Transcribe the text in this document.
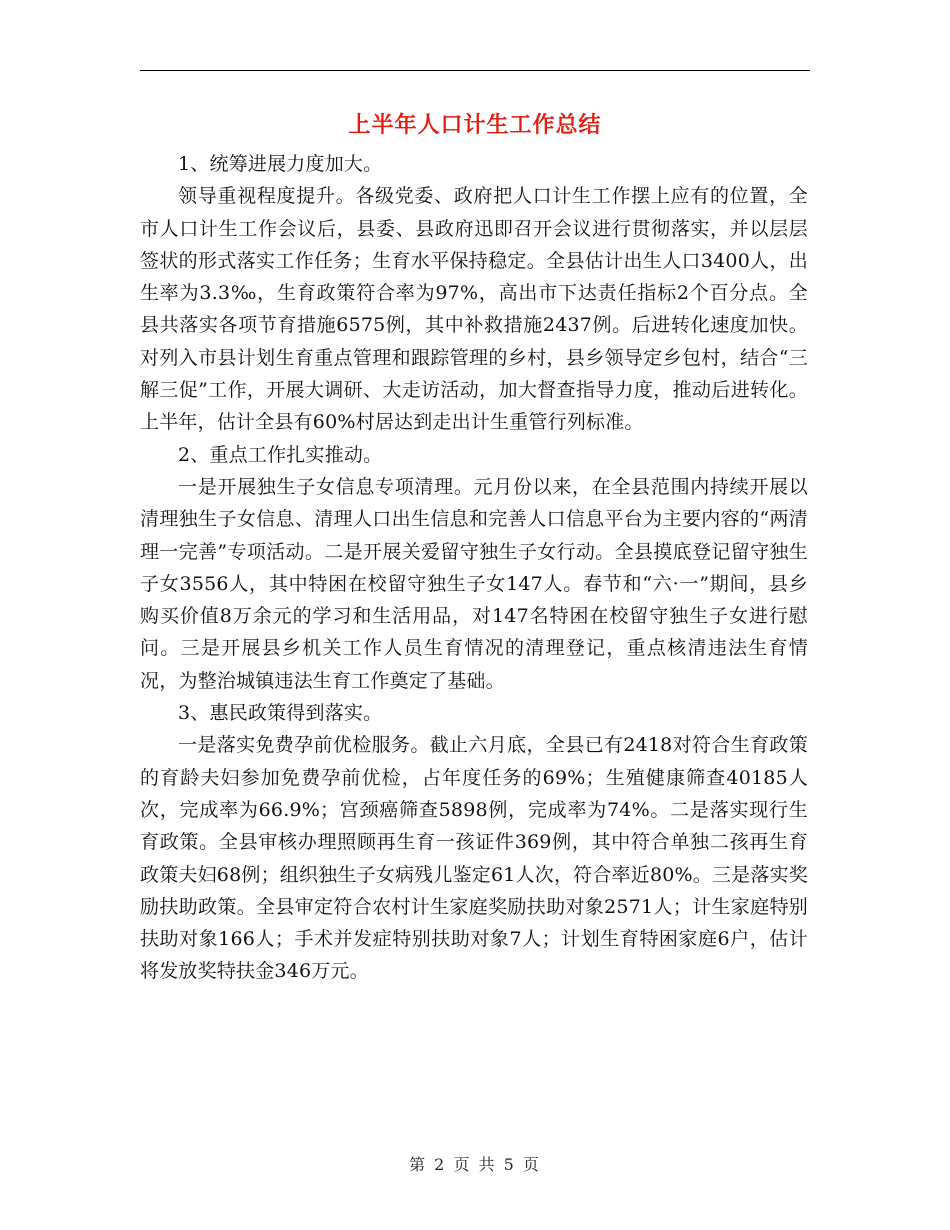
上半年人口计生工作总结

1、统筹进展力度加大。

领导重视程度提升。各级党委、政府把人口计生工作摆上应有的位置，全市人口计生工作会议后，县委、县政府迅即召开会议进行贯彻落实，并以层层签状的形式落实工作任务；生育水平保持稳定。全县估计出生人口3400人，出生率为3.3‰，生育政策符合率为97%，高出市下达责任指标2个百分点。全县共落实各项节育措施6575例，其中补救措施2437例。后进转化速度加快。对列入市县计划生育重点管理和跟踪管理的乡村，县乡领导定乡包村，结合“三解三促”工作，开展大调研、大走访活动，加大督查指导力度，推动后进转化。上半年，估计全县有60%村居达到走出计生重管行列标准。

2、重点工作扎实推动。

一是开展独生子女信息专项清理。元月份以来，在全县范围内持续开展以清理独生子女信息、清理人口出生信息和完善人口信息平台为主要内容的“两清理一完善”专项活动。二是开展关爱留守独生子女行动。全县摸底登记留守独生子女3556人，其中特困在校留守独生子女147人。春节和“六·一”期间，县乡购买价值8万余元的学习和生活用品，对147名特困在校留守独生子女进行慰问。三是开展县乡机关工作人员生育情况的清理登记，重点核清违法生育情况，为整治城镇违法生育工作奠定了基础。

3、惠民政策得到落实。

一是落实免费孕前优检服务。截止六月底，全县已有2418对符合生育政策的育龄夫妇参加免费孕前优检，占年度任务的69%；生殖健康筛查40185人次，完成率为66.9%；宫颈癌筛查5898例，完成率为74%。二是落实现行生育政策。全县审核办理照顾再生育一孩证件369例，其中符合单独二孩再生育政策夫妇68例；组织独生子女病残儿鉴定61人次，符合率近80%。三是落实奖励扶助政策。全县审定符合农村计生家庭奖励扶助对象2571人；计生家庭特别扶助对象166人；手术并发症特别扶助对象7人；计划生育特困家庭6户，估计将发放奖特扶金346万元。

第 2 页 共 5 页
